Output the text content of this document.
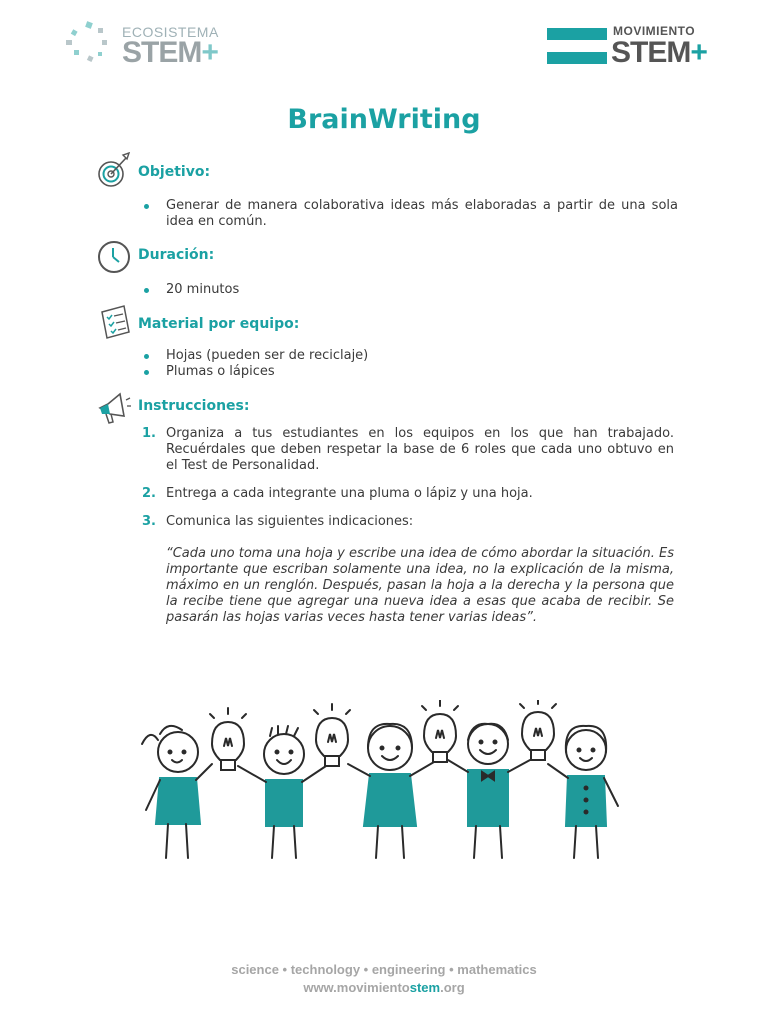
ECOSISTEMA
STEM+
MOVIMIENTO
STEM+
BrainWriting
Objetivo:
Generar de manera colaborativa ideas más elaboradas a partir de una sola idea en común.
Duración:
20 minutos
Material por equipo:
Hojas (pueden ser de reciclaje)
Plumas o lápices
Instrucciones:
1. Organiza a tus estudiantes en los equipos en los que han trabajado. Recuérdales que deben respetar la base de 6 roles que cada uno obtuvo en el Test de Personalidad.
2. Entrega a cada integrante una pluma o lápiz y una hoja.
3. Comunica las siguientes indicaciones:
“Cada uno toma una hoja y escribe una idea de cómo abordar la situación. Es importante que escriban solamente una idea, no la explicación de la misma, máximo en un renglón. Después, pasan la hoja a la derecha y la persona que la recibe tiene que agregar una nueva idea a esas que acaba de recibir. Se pasarán las hojas varias veces hasta tener varias ideas”.
science • technology • engineering • mathematics
www.movimientostem.org
